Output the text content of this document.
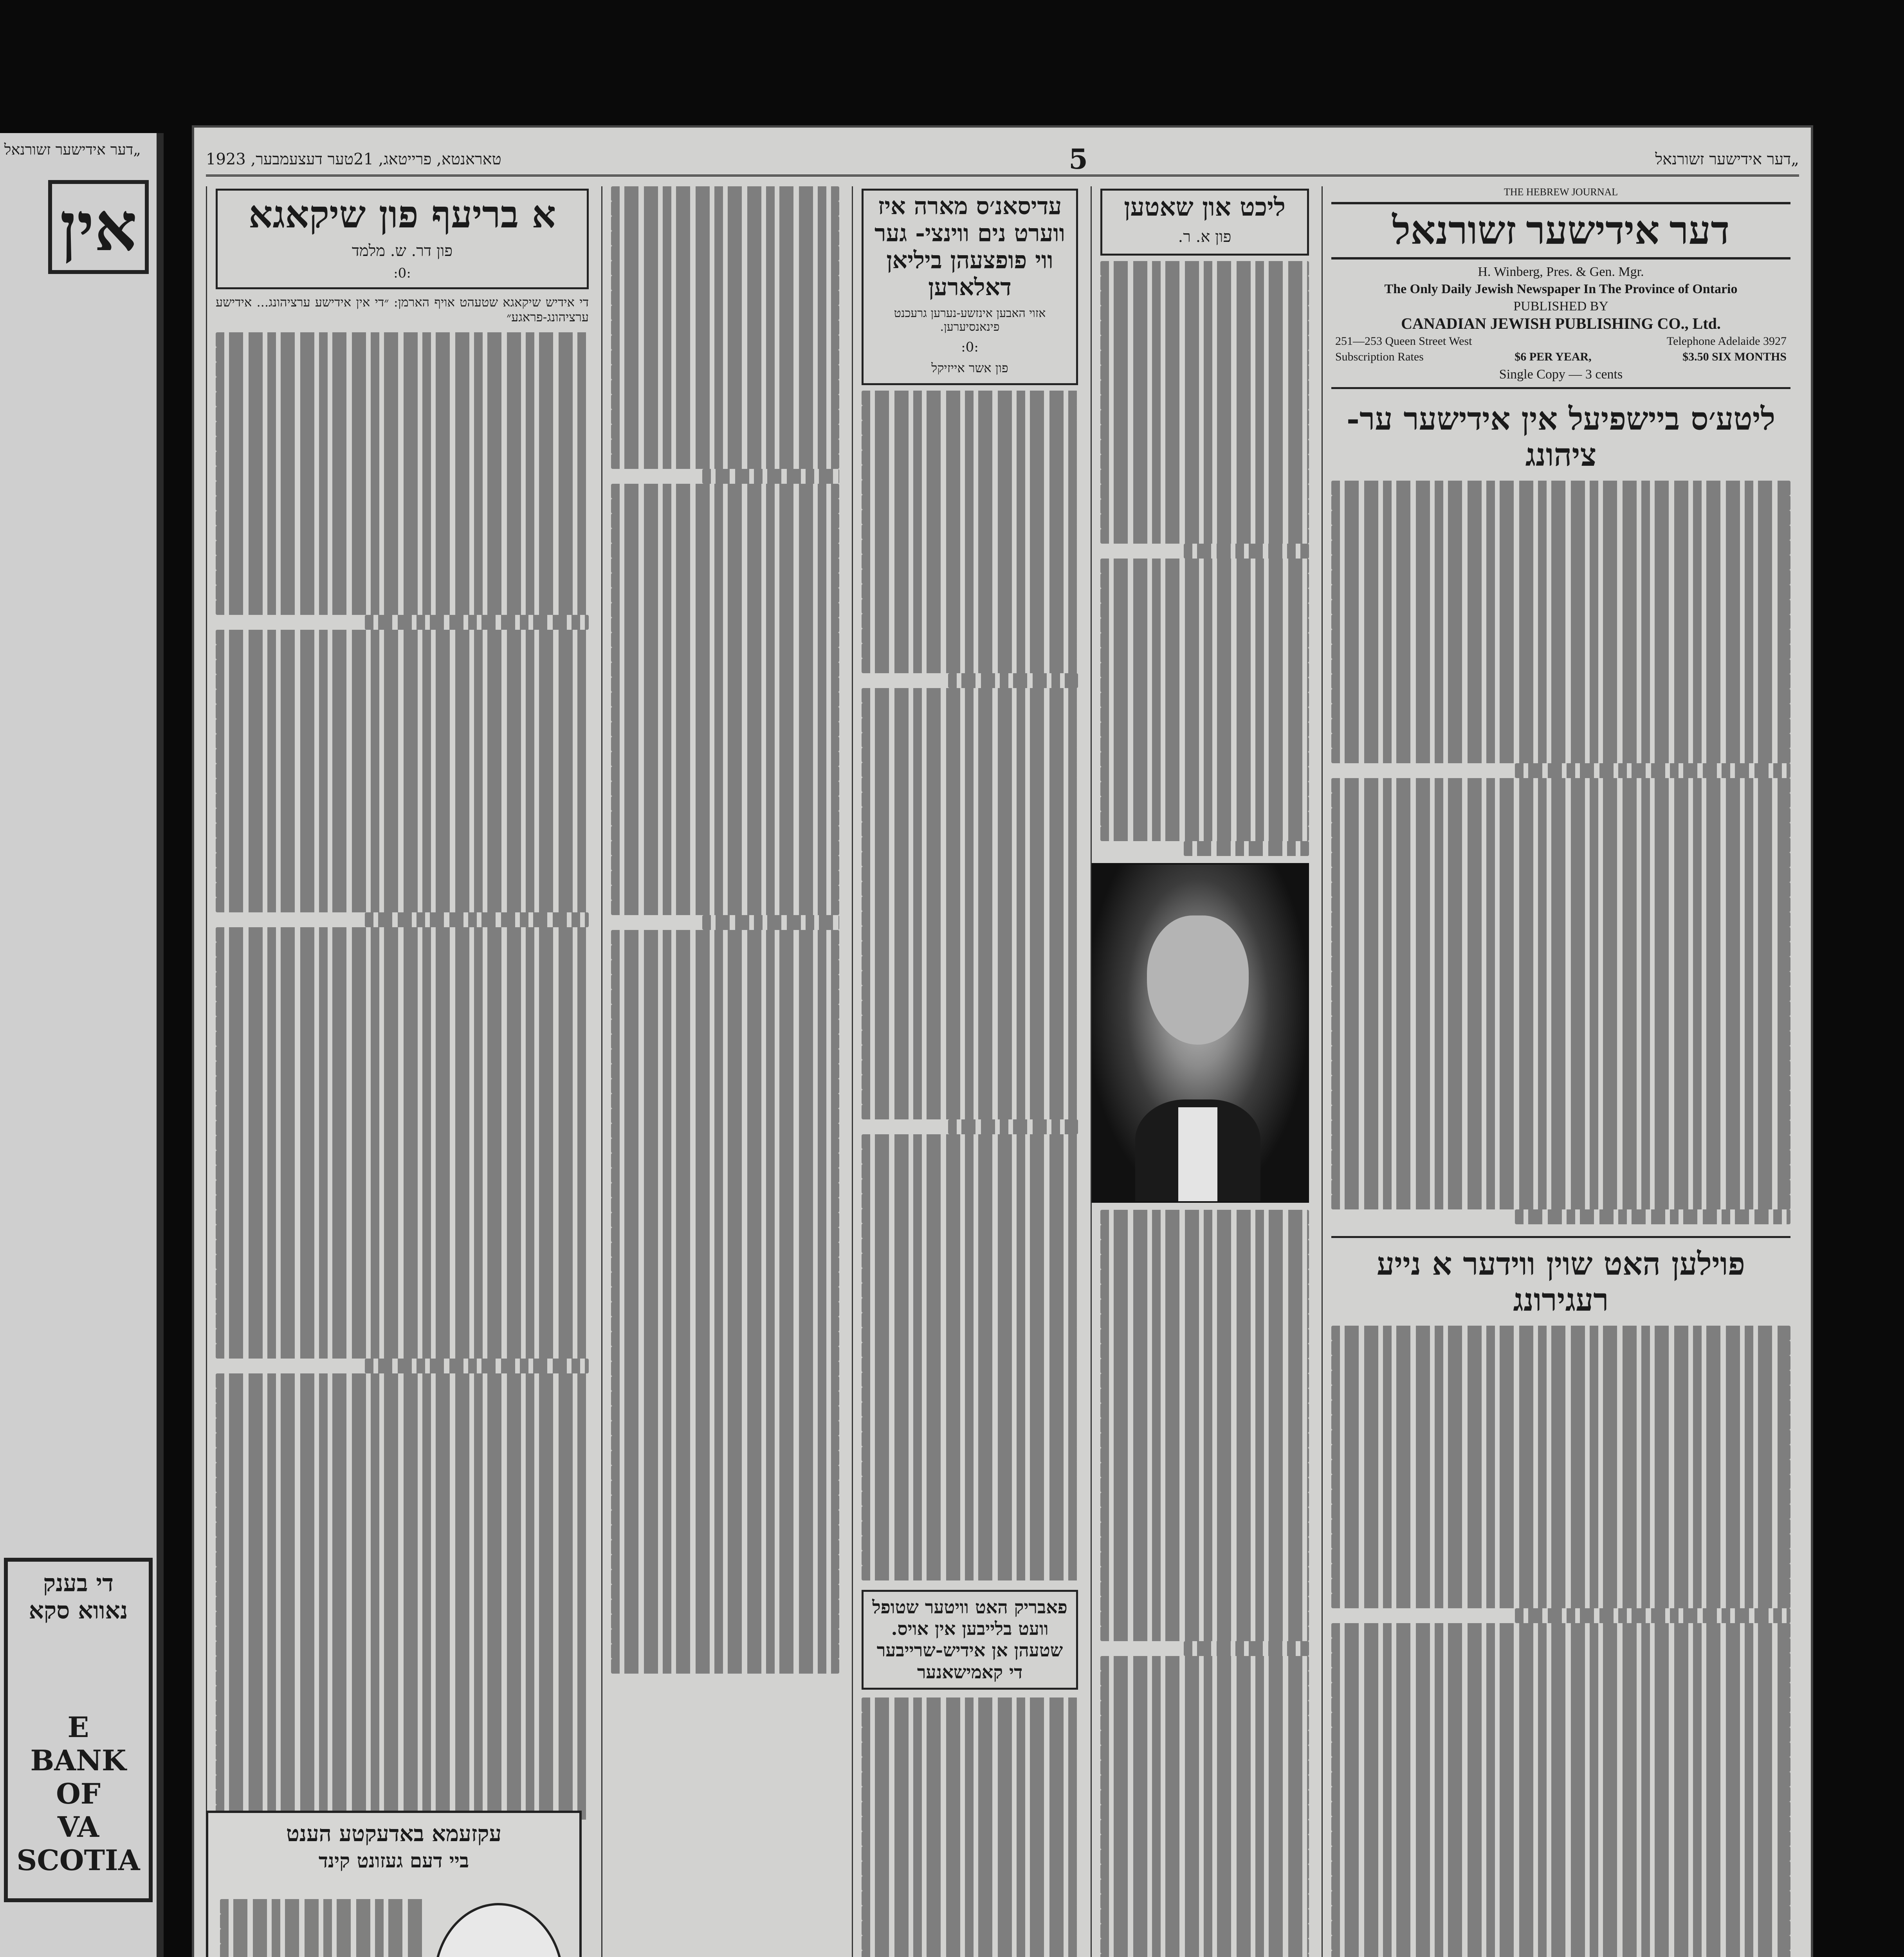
„דער אידישער זשורנאל
אין
די בענק
נאווא סקא
E BANK OF
VA SCOTIA
טאראנטא, פרייטאג, 21טער דעצעמבער, 1923	5	„דער אידישער זשורנאל
א בריעף פון שיקאגא
פון דר. ש. מלמד
:0:
די אידיש שיקאגא שטעהט אויף הארמן: ״די אין אידישע ערציהונג... אידישע ערציהונג-פראגע״
עקזעמא באדעקטע הענט
ביי דעם געזונט קינד
עדיסאנ׳ס מארה איז ווערט נים ווינצי- גער ווי פופצעהן ביליאן דאלארען
אזוי האבען אינזשע-נערען גרעכנט פינאנסיערען.
:0:
פון אשר אייזיקל
פאבריק האט וויטער שטופל וועט בלייבען אין אויס. שטעהן אן אידיש-שרייבער די קאמישאנער
ליכט און שאטען
פון א. ר.
THE HEBREW JOURNAL
דער אידישער זשורנאל
H. Winberg, Pres. & Gen. Mgr.
The Only Daily Jewish Newspaper In The Province of Ontario
PUBLISHED BY
CANADIAN JEWISH PUBLISHING CO., Ltd.
251—253 Queen Street West	Telephone Adelaide 3927
Subscription Rates	$6 PER YEAR,	$3.50 SIX MONTHS
Single Copy — 3 cents
ליטע׳ס ביישפיעל אין אידישער ער- ציהונג
פוילען האט שוין ווידער א נייע רעגירונג
